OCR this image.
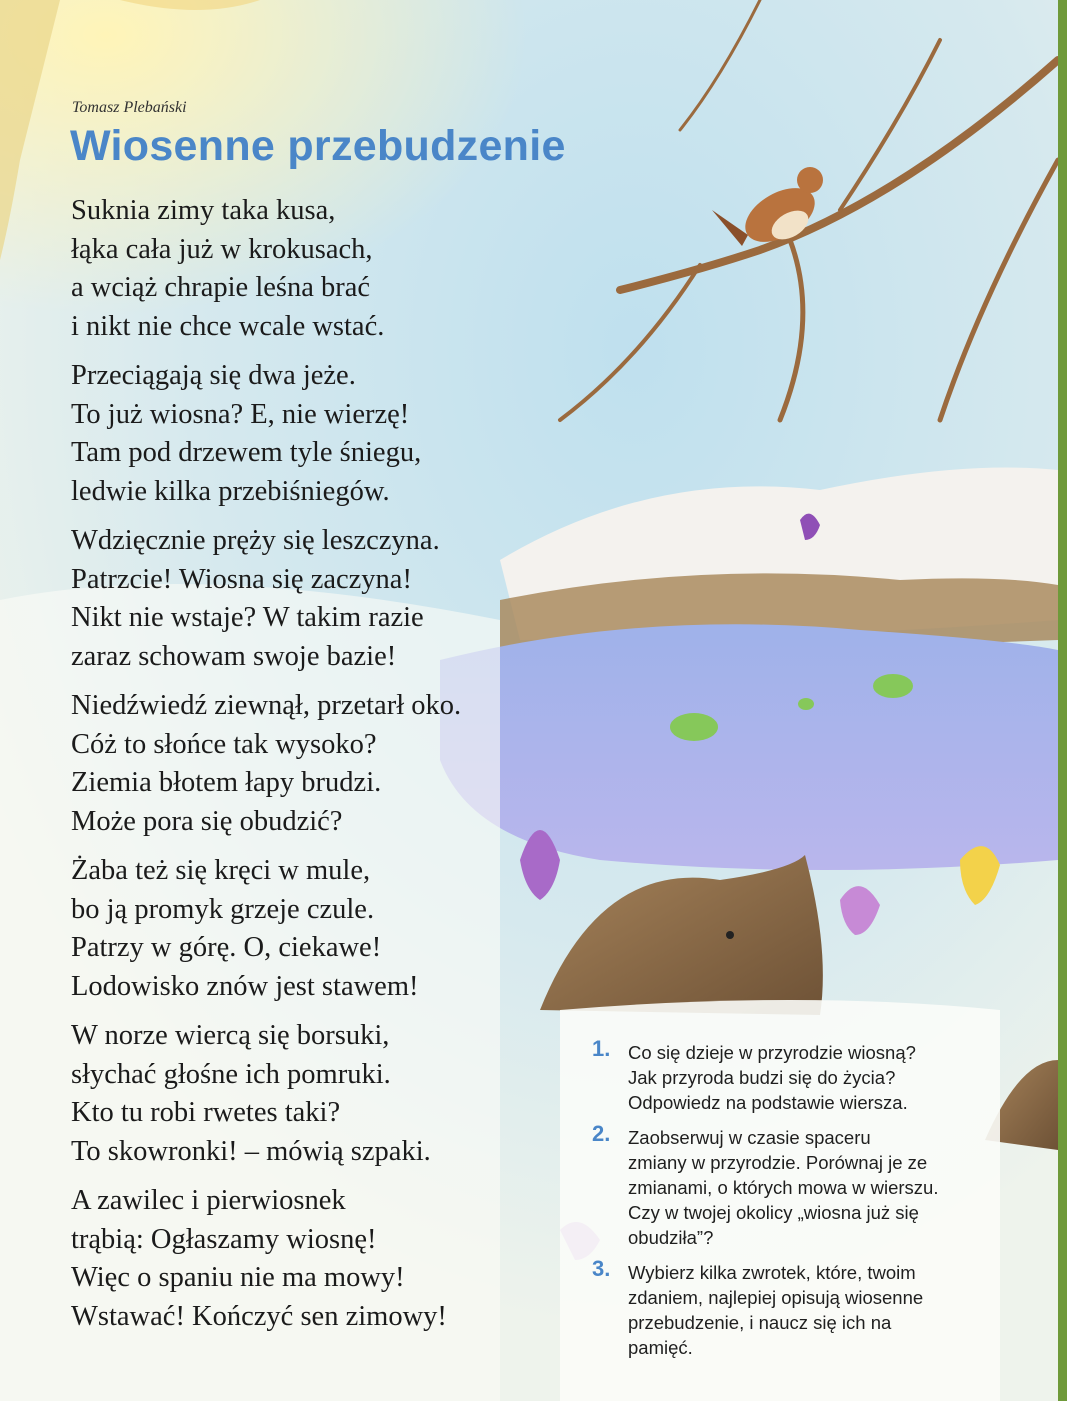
Tomasz Plebański
Wiosenne przebudzenie
Suknia zimy taka kusa,
łąka cała już w krokusach,
a wciąż chrapie leśna brać
i nikt nie chce wcale wstać.
Przeciągają się dwa jeże.
To już wiosna? E, nie wierzę!
Tam pod drzewem tyle śniegu,
ledwie kilka przebiśniegów.
Wdzięcznie pręży się leszczyna.
Patrzcie! Wiosna się zaczyna!
Nikt nie wstaje? W takim razie
zaraz schowam swoje bazie!
Niedźwiedź ziewnął, przetarł oko.
Cóż to słońce tak wysoko?
Ziemia błotem łapy brudzi.
Może pora się obudzić?
Żaba też się kręci w mule,
bo ją promyk grzeje czule.
Patrzy w górę. O, ciekawe!
Lodowisko znów jest stawem!
W norze wiercą się borsuki,
słychać głośne ich pomruki.
Kto tu robi rwetes taki?
To skowronki! – mówią szpaki.
A zawilec i pierwiosnek
trąbią: Ogłaszamy wiosnę!
Więc o spaniu nie ma mowy!
Wstawać! Kończyć sen zimowy!
1. Co się dzieje w przyrodzie wiosną?
Jak przyroda budzi się do życia?
Odpowiedz na podstawie wiersza.
2. Zaobserwuj w czasie spaceru
zmiany w przyrodzie. Porównaj je ze
zmianami, o których mowa w wierszu.
Czy w twojej okolicy „wiosna już się
obudziła”?
3. Wybierz kilka zwrotek, które, twoim
zdaniem, najlepiej opisują wiosenne
przebudzenie, i naucz się ich na
pamięć.
